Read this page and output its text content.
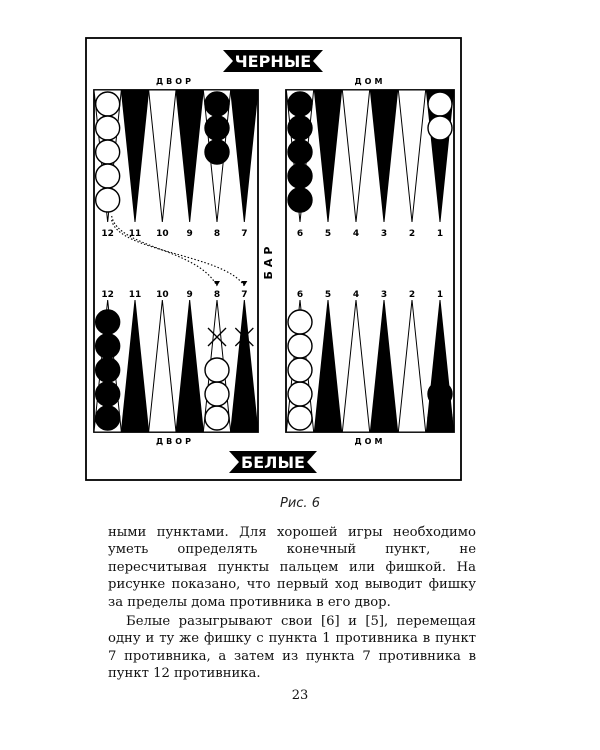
ЧЕРНЫЕ
БЕЛЫЕ
ДВОР	ДОМ
ДВОР	ДОМ
БАР
12 11 10 9 8 7	6 5 4 3 2 1
12 11 10 9 8 7	6 5 4 3 2 1
Рис. 6

ными пунктами. Для хорошей игры необходимо уметь определять конечный пункт, не пересчитывая пункты пальцем или фишкой. На рисунке показано, что первый ход выводит фишку за пределы дома противника в его двор.

Белые разыгрывают свои [6] и [5], перемещая одну и ту же фишку с пункта 1 противника в пункт 7 противника, а затем из пункта 7 противника в пункт 12 противника.

23
